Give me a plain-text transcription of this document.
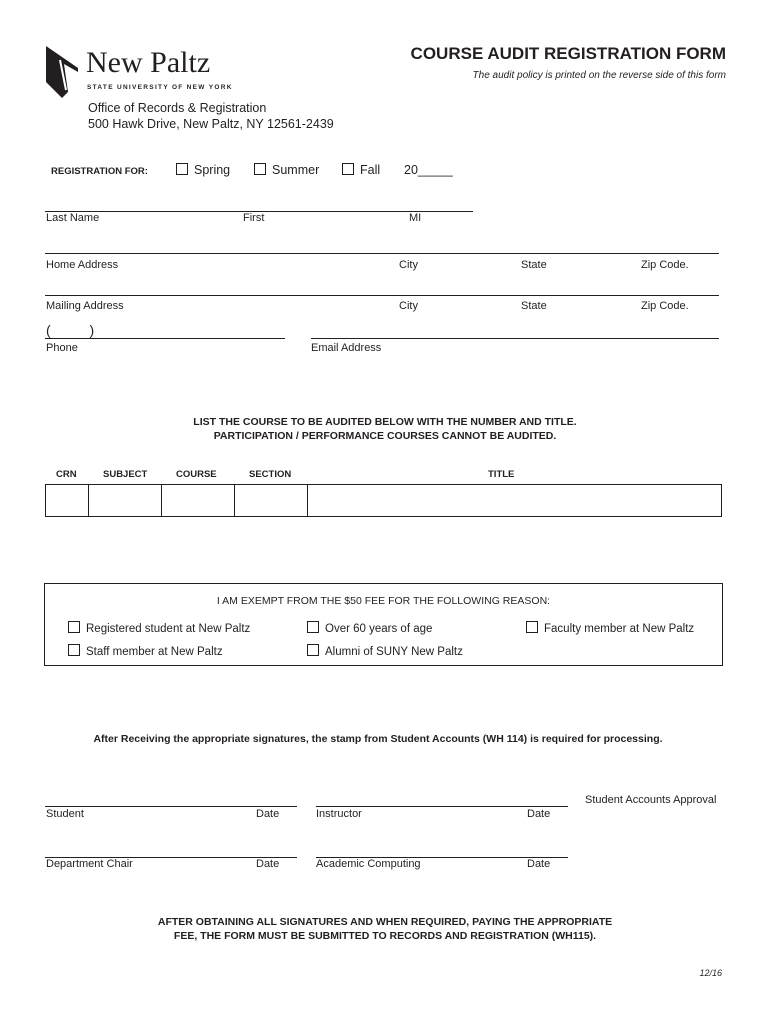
New Paltz
STATE UNIVERSITY OF NEW YORK
Office of Records & Registration
500 Hawk Drive, New Paltz, NY 12561-2439
COURSE AUDIT REGISTRATION FORM
The audit policy is printed on the reverse side of this form
REGISTRATION FOR:	Spring	Summer	Fall 20_____
Last Name	First	MI
Home Address	City	State	Zip Code.
Mailing Address	City	State	Zip Code.
(          )
Phone	Email Address
LIST THE COURSE TO BE AUDITED BELOW WITH THE NUMBER AND TITLE.
PARTICIPATION / PERFORMANCE COURSES CANNOT BE AUDITED.
CRN	SUBJECT	COURSE	SECTION	TITLE

I AM EXEMPT FROM THE $50 FEE FOR THE FOLLOWING REASON:
Registered student at New Paltz	Over 60 years of age	Faculty member at New Paltz
Staff member at New Paltz	Alumni of SUNY New Paltz
After Receiving the appropriate signatures, the stamp from Student Accounts (WH 114) is required for processing.
Student	Date	Instructor	Date
Student Accounts Approval
Department Chair	Date	Academic Computing	Date
AFTER OBTAINING ALL SIGNATURES AND WHEN REQUIRED, PAYING THE APPROPRIATE
FEE, THE FORM MUST BE SUBMITTED TO RECORDS AND REGISTRATION (WH115).
12/16
